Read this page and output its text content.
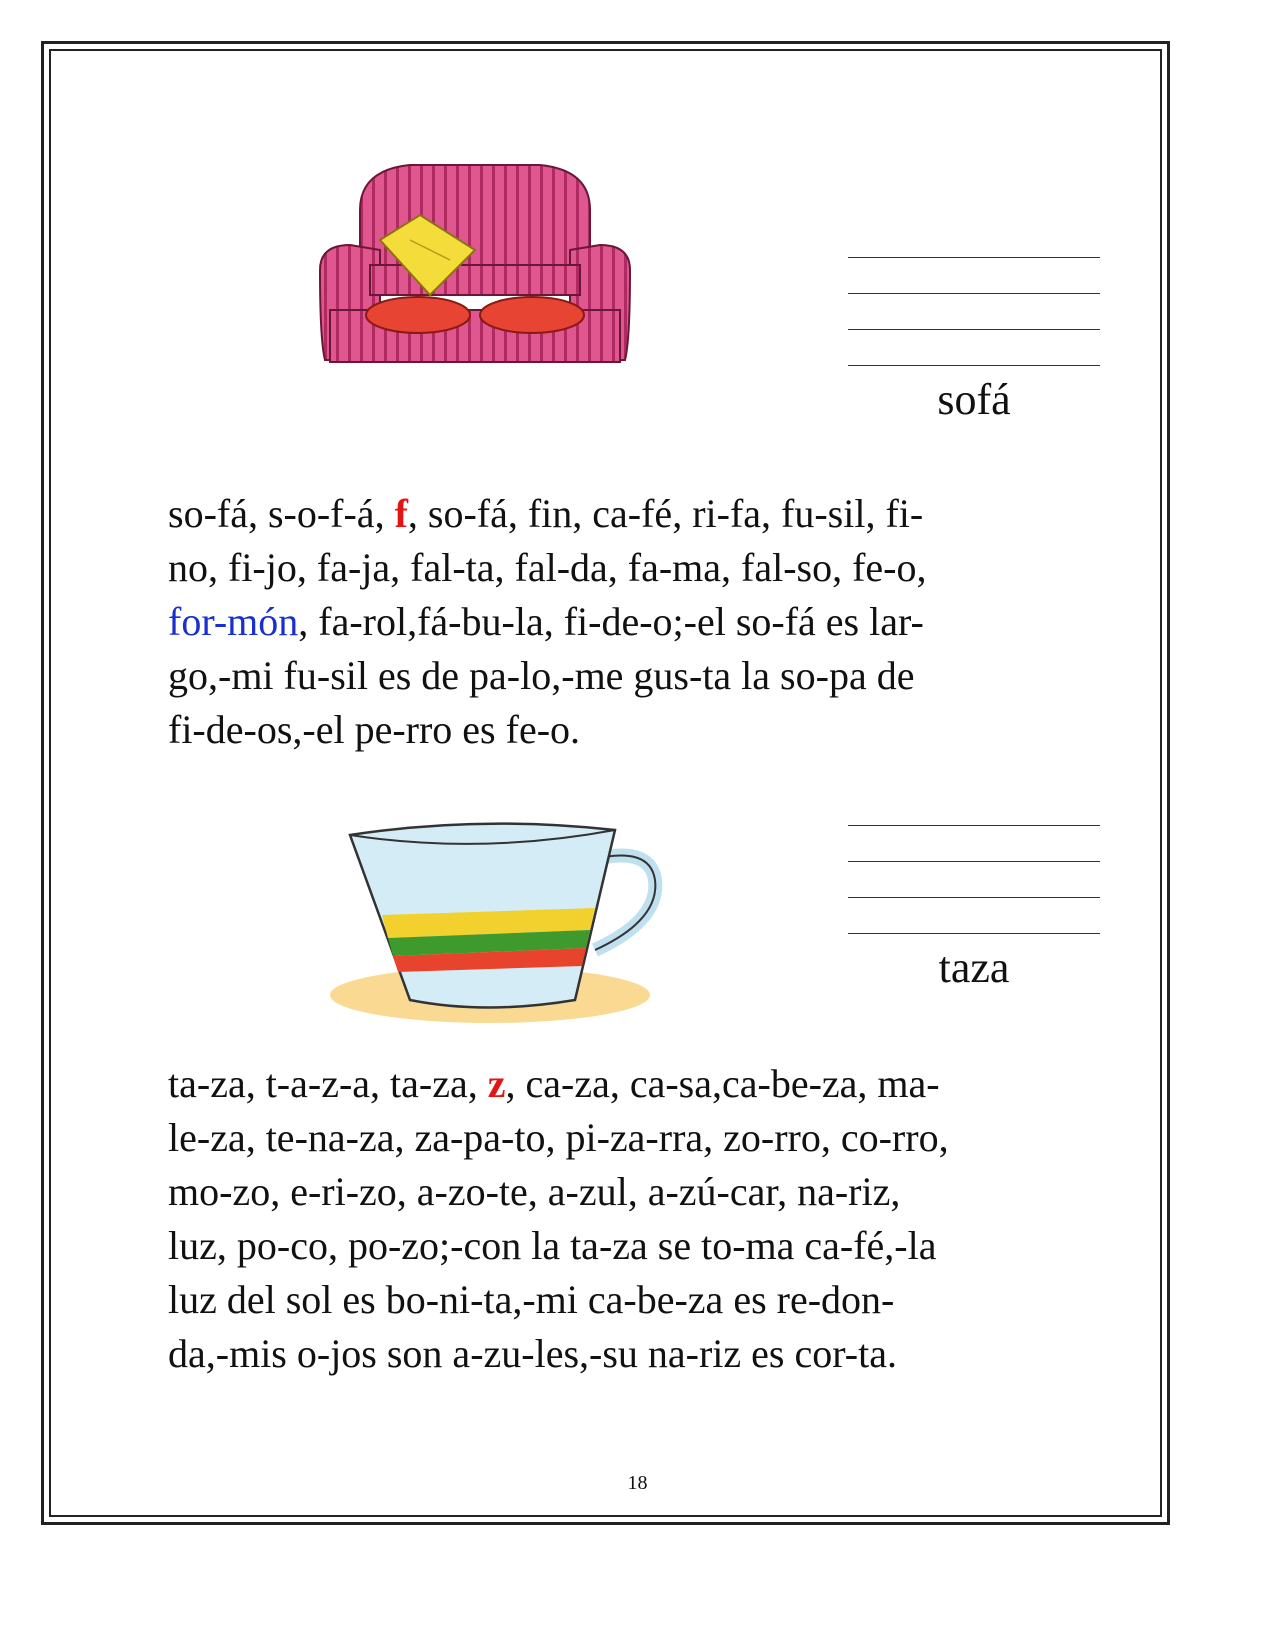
sofá

so-fá, s-o-f-á, f, so-fá, fin, ca-fé, ri-fa, fu-sil, fi-
no, fi-jo, fa-ja, fal-ta, fal-da, fa-ma, fal-so, fe-o,
for-món, fa-rol,fá-bu-la, fi-de-o;-el so-fá es lar-
go,-mi fu-sil es de pa-lo,-me gus-ta la so-pa de
fi-de-os,-el pe-rro es fe-o.

taza

ta-za, t-a-z-a, ta-za, z, ca-za, ca-sa,ca-be-za, ma-
le-za, te-na-za, za-pa-to, pi-za-rra, zo-rro, co-rro,
mo-zo, e-ri-zo, a-zo-te, a-zul, a-zú-car, na-riz,
luz, po-co, po-zo;-con la ta-za se to-ma ca-fé,-la
luz del sol es bo-ni-ta,-mi ca-be-za es re-don-
da,-mis o-jos son a-zu-les,-su na-riz es cor-ta.

18
